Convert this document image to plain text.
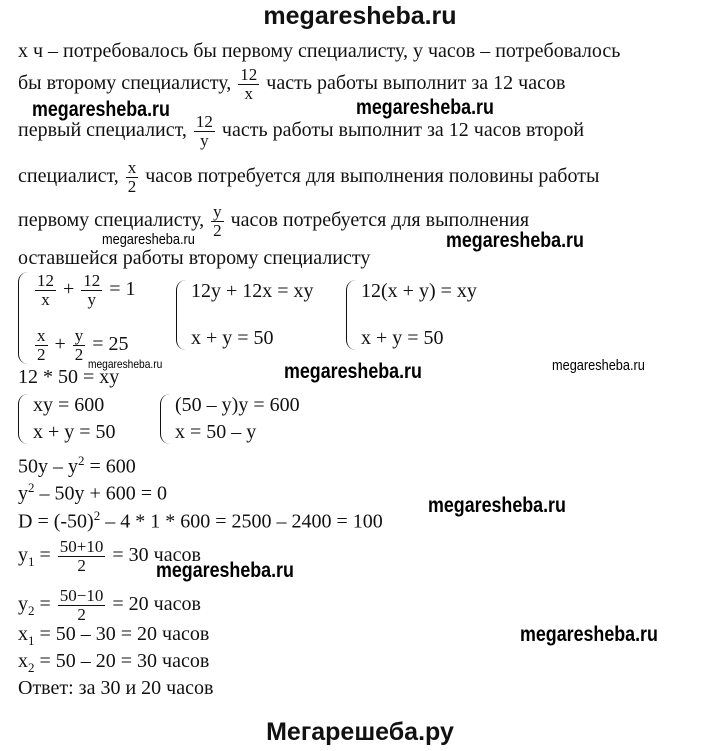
megaresheba.ru
x ч – потребовалось бы первому специалисту, y часов – потребовалось
бы второму специалисту, $\frac{12}{x}$ часть работы выполнит за 12 часов
первый специалист, $\frac{12}{y}$ часть работы выполнит за 12 часов второй
специалист, $\frac{x}{2}$ часов потребуется для выполнения половины работы
первому специалисту, $\frac{y}{2}$ часов потребуется для выполнения
оставшейся работы второму специалисту
$\frac{12}{x} + \frac{12}{y} = 1$
$\frac{x}{2} + \frac{y}{2} = 25$
12y + 12x = xy
x + y = 50
12(x + y) = xy
x + y = 50
12 * 50 = xy
xy = 600
x + y = 50
(50 – y)y = 600
x = 50 – y
$50y - y^2 = 600$
$y^2 - 50y + 600 = 0$
$D = (-50)^2 - 4 * 1 * 600 = 2500 - 2400 = 100$
$y_1 = \frac{50+10}{2} = 30$ часов
$y_2 = \frac{50-10}{2} = 20$ часов
$x_1 = 50 - 30 = 20$ часов
$x_2 = 50 - 20 = 30$ часов
Ответ: за 30 и 20 часов
megaresheba.ru	megaresheba.ru
megaresheba.ru	megaresheba.ru
megaresheba.ru	megaresheba.ru	megaresheba.ru
megaresheba.ru
megaresheba.ru
megaresheba.ru
Мегарешеба.ру
